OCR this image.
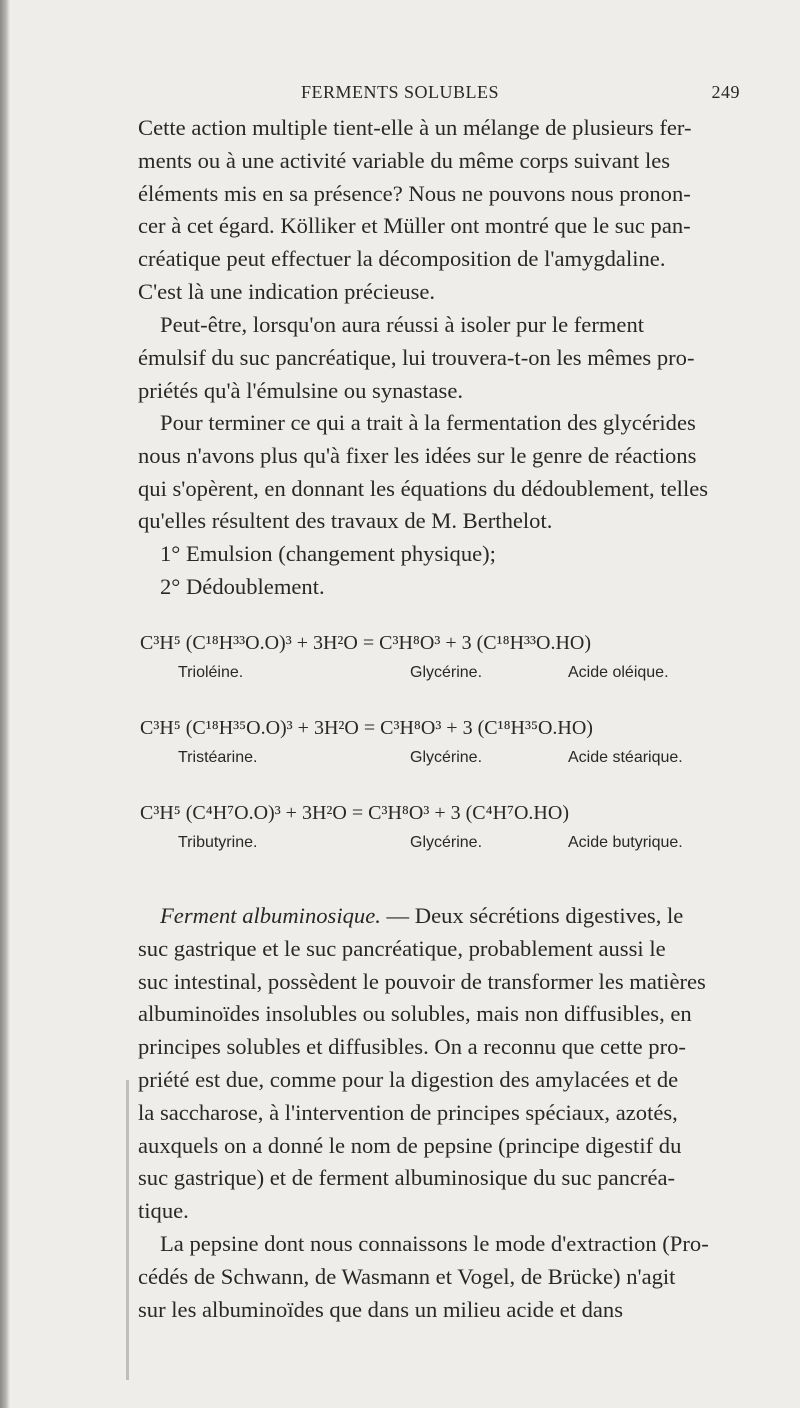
FERMENTS SOLUBLES	249

Cette action multiple tient-elle à un mélange de plusieurs fer-
ments ou à une activité variable du même corps suivant les
éléments mis en sa présence? Nous ne pouvons nous pronon-
cer à cet égard. Kölliker et Müller ont montré que le suc pan-
créatique peut effectuer la décomposition de l'amygdaline.
C'est là une indication précieuse.

Peut-être, lorsqu'on aura réussi à isoler pur le ferment
émulsif du suc pancréatique, lui trouvera-t-on les mêmes pro-
priétés qu'à l'émulsine ou synastase.

Pour terminer ce qui a trait à la fermentation des glycérides
nous n'avons plus qu'à fixer les idées sur le genre de réactions
qui s'opèrent, en donnant les équations du dédoublement, telles
qu'elles résultent des travaux de M. Berthelot.
1° Emulsion (changement physique);
2° Dédoublement.

C³H⁵ (C¹⁸H³³O.O)³ + 3H²O = C³H⁸O³ + 3 (C¹⁸H³³O.HO)
Trioléine.	Glycérine.	Acide oléique.
C³H⁵ (C¹⁸H³⁵O.O)³ + 3H²O = C³H⁸O³ + 3 (C¹⁸H³⁵O.HO)
Tristéarine.	Glycérine.	Acide stéarique.
C³H⁵ (C⁴H⁷O.O)³ + 3H²O = C³H⁸O³ + 3 (C⁴H⁷O.HO)
Tributyrine.	Glycérine.	Acide butyrique.

Ferment albuminosique. — Deux sécrétions digestives, le
suc gastrique et le suc pancréatique, probablement aussi le
suc intestinal, possèdent le pouvoir de transformer les matières
albuminoïdes insolubles ou solubles, mais non diffusibles, en
principes solubles et diffusibles. On a reconnu que cette pro-
priété est due, comme pour la digestion des amylacées et de
la saccharose, à l'intervention de principes spéciaux, azotés,
auxquels on a donné le nom de pepsine (principe digestif du
suc gastrique) et de ferment albuminosique du suc pancréa-
tique.

La pepsine dont nous connaissons le mode d'extraction (Pro-
cédés de Schwann, de Wasmann et Vogel, de Brücke) n'agit
sur les albuminoïdes que dans un milieu acide et dans
